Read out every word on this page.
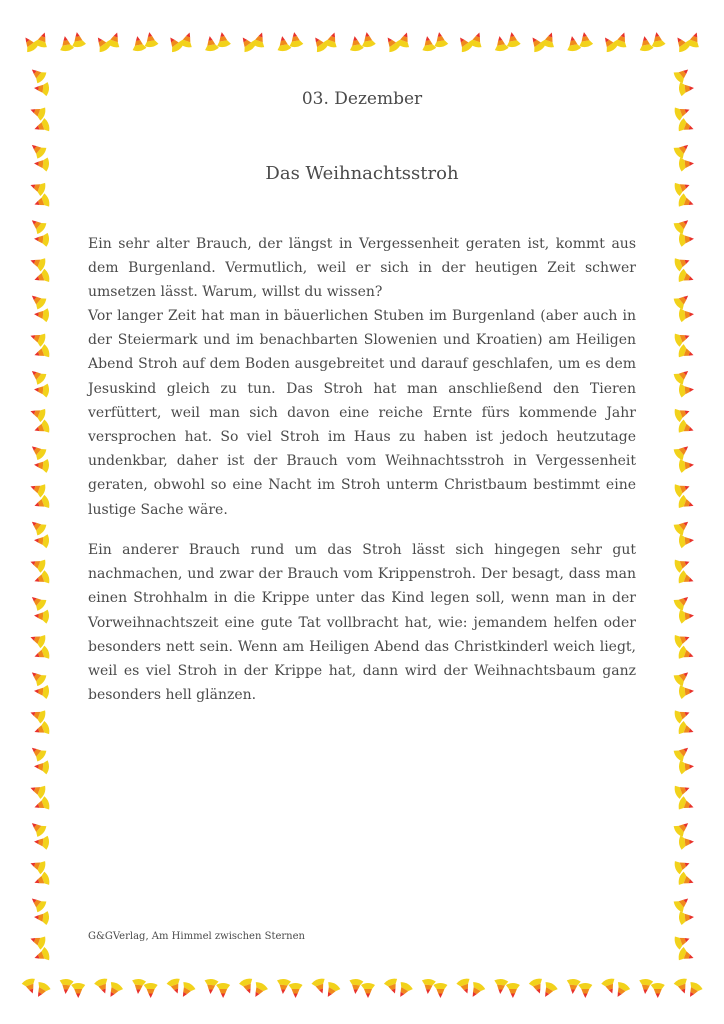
03. Dezember
Das Weihnachtsstroh

Ein sehr alter Brauch, der längst in Vergessenheit geraten ist, kommt aus dem Burgenland. Vermutlich, weil er sich in der heutigen Zeit schwer umsetzen lässt. Warum, willst du wissen?

Vor langer Zeit hat man in bäuerlichen Stuben im Burgenland (aber auch in der Steiermark und im benachbarten Slowenien und Kroatien) am Heiligen Abend Stroh auf dem Boden ausgebreitet und darauf geschlafen, um es dem Jesuskind gleich zu tun. Das Stroh hat man anschließend den Tieren verfüttert, weil man sich davon eine reiche Ernte fürs kommende Jahr versprochen hat. So viel Stroh im Haus zu haben ist jedoch heutzutage undenkbar, daher ist der Brauch vom Weihnachtsstroh in Vergessenheit geraten, obwohl so eine Nacht im Stroh unterm Christbaum bestimmt eine lustige Sache wäre.

Ein anderer Brauch rund um das Stroh lässt sich hingegen sehr gut nachmachen, und zwar der Brauch vom Krippenstroh. Der besagt, dass man einen Strohhalm in die Krippe unter das Kind legen soll, wenn man in der Vorweihnachtszeit eine gute Tat vollbracht hat, wie: jemandem helfen oder besonders nett sein. Wenn am Heiligen Abend das Christkinderl weich liegt, weil es viel Stroh in der Krippe hat, dann wird der Weihnachtsbaum ganz besonders hell glänzen.

G&GVerlag, Am Himmel zwischen Sternen
